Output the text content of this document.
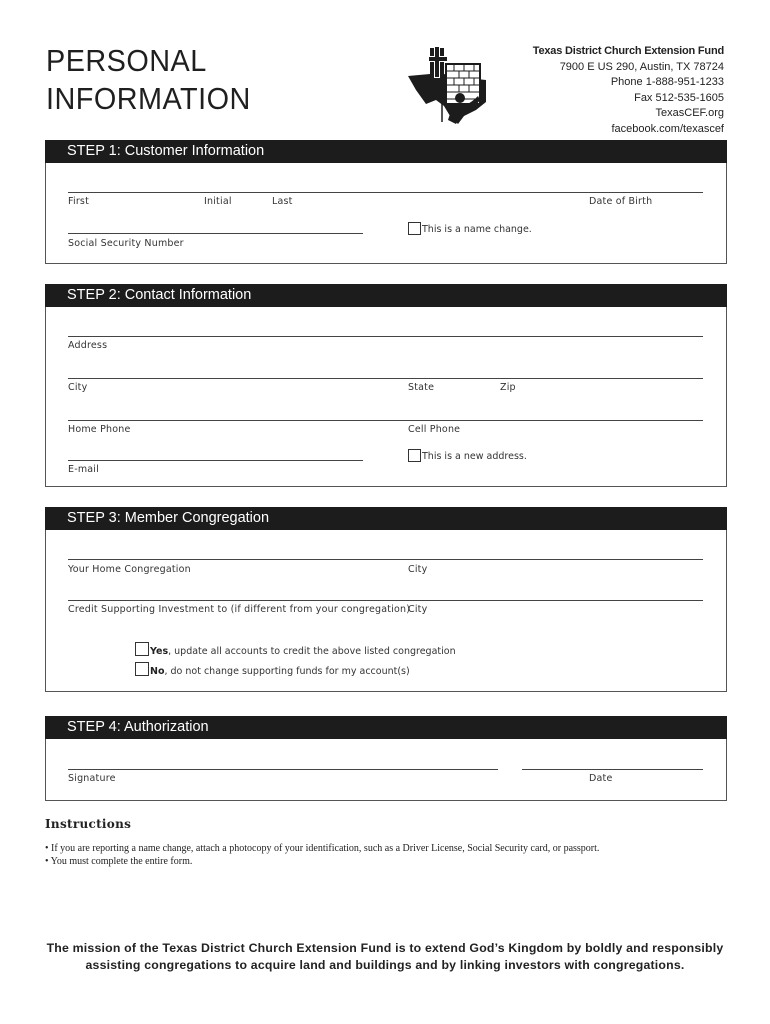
PERSONAL
INFORMATION
Texas District Church Extension Fund
7900 E US 290, Austin, TX 78724
Phone 1-888-951-1233
Fax 512-535-1605
TexasCEF.org
facebook.com/texascef
STEP 1: Customer Information
First	Initial	Last	Date of Birth
Social Security Number
This is a name change.
STEP 2: Contact Information
Address
City	State	Zip
Home Phone	Cell Phone
E-mail
This is a new address.
STEP 3: Member Congregation
Your Home Congregation	City
Credit Supporting Investment to (if different from your congregation)
City
Yes, update all accounts to credit the above listed congregation
No, do not change supporting funds for my account(s)
STEP 4: Authorization
Signature	Date
Instructions
• If you are reporting a name change, attach a photocopy of your identification, such as a Driver License, Social Security card, or passport.
• You must complete the entire form.
The mission of the Texas District Church Extension Fund is to extend God’s Kingdom by boldly and responsibly
assisting congregations to acquire land and buildings and by linking investors with congregations.
